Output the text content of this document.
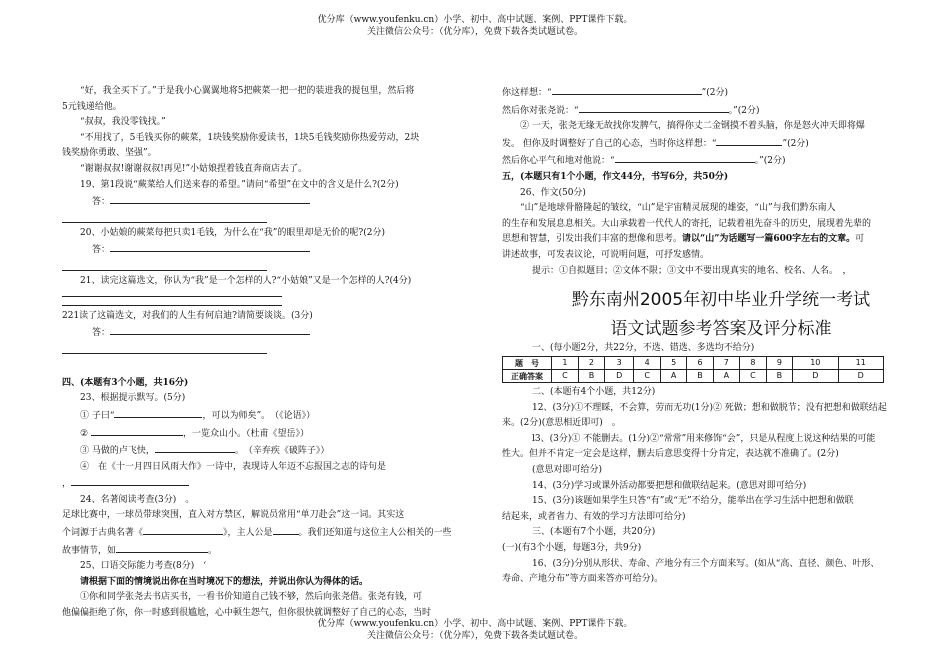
优分库（www.youfenku.cn）小学、初中、高中试题、案例、PPT课件下载。
关注微信公众号：（优分库），免费下载各类试题试卷。

“好，我全买下了。”于是我小心翼翼地将5把蕨菜一把一把的装进我的提包里，然后将

5元钱递给他。

“叔叔，我没零钱找。”

“不用找了，5毛钱买你的蕨菜，1块钱奖励你爱读书，1块5毛钱奖励你热爱劳动，2块

钱奖励你勇敢、坚强”。

“谢谢叔叔!谢谢叔叔!再见!”小姑娘捏着钱直奔商店去了。

19、第1段说“蕨菜给人们送来春的希望。”请问“希望”在文中的含义是什么?(2分)

答：

20、小姑娘的蕨菜每把只卖1毛钱，为什么在“我”的眼里却是无价的呢?(2分)

答：

21、读完这篇选文，你认为“我”是一个怎样的人?“小姑娘”又是一个怎样的人?(4分)

221读了这篇选文，对我们的人生有何启迪?请简要谈谈。(3分)

答：

四、(本题有3个小题，共16分)

23、根据提示默写。(5分)

① 子曰“	，可以为师矣”。　（《论语》）

②	，一览众山小。（杜甫《望岳》）

③ 马做的卢飞快，	。　（辛弃疾《破阵子》）

④　在《十一月四日风雨大作》一诗中，表现诗人年迈不忘报国之志的诗句是

，

24、名著阅读考查(3分)　。

足球比赛中，一球员带球突围，直入对方禁区，解说员常用“单刀赴会”这一词。其实这

个词源于古典名著《	》，主人公是	。我们还知道与这位主人公相关的一些

故事情节，如	。

25、口语交际能力考查(8分)　‘

请根据下面的情境说出你在当时境况下的想法，并说出你认为得体的话。

①你和同学张尧去书店买书，一看书价知道自己钱不够，然后向张尧借。张尧有钱，可

他偏偏拒绝了你，你一时感到很尴尬，心中顿生怨气，但你很快就调整好了自己的心态，当时

你这样想：“	”(2分)

然后你对张尧说：“	。”(2分)

② 一天，张尧无缘无故找你发脾气，搞得你丈二金钢摸不着头脑，你是怒火冲天即将爆

发。 但你及时调整好了自己的心态，当时你这样想：“	”(2分)

然后你心平气和地对他说：“	。”(2分)

五，(本题只有1个小题，作文44分，书写6分，共50分)

26、作文(50分)

“山”是地球骨骼隆起的皱纹，“山”是宇宙精灵展现的雄姿，“山”与我们黔东南人

的生存和发展息息相关。大山承载着一代代人的寄托，记载着祖先奋斗的历史，展现着先辈的

思想和智慧，引发出我们丰富的想像和思考。请以“山”为话题写一篇600字左右的文章。可

讲述故事，可发表议论，可说明问题，可抒发感情。

提示：①自拟题目；②文体不限；③文中不要出现真实的地名、校名、人名。　，

黔东南州2005年初中毕业升学统一考试
语文试题参考答案及评分标准

一、(每小题2分，共22分，不选、错选、多选均不给分)

题　号	1	2	3	4	5	6	7	8	9	10	11
正确答案	C	B	D	C	A	B	A	C	B	D	D

二、(本题有4个小题，共12分)

12、(3分)①不理睬，不会算，劳而无功(1分)② 死做；想和做脱节；没有把想和做联结起

来。(2分)(意思相近即可)　。

l3、(3分)① 不能删去。(1分)②“常常”用来修饰“会”，只是从程度上说这种结果的可能

性大。但并不肯定一定会是这样，删去后意思变得十分肯定，表达就不准确了。(2分)

(意思对即可给分)

14、(3分)学习或课外活动都要把想和做联结起来。(意思对即可给分)

15、(3分)该题如果学生只答“有”或“无”不给分，能举出在学习生活中把想和做联

结起来，或者省力、有效的学习方法即可给分)

三、(本题有7个小题，共20分)

(一)(有3个小题，每题3分，共9分)

16、(3分)分别从形状、寿命、产地分有三个方面来写。(如从“高、直径、颜色、叶形、

寿命、产地分布”等方面来答亦可给分)。

优分库（www.youfenku.cn）小学、初中、高中试题、案例、PPT课件下载。
关注微信公众号：（优分库），免费下载各类试题试卷。
